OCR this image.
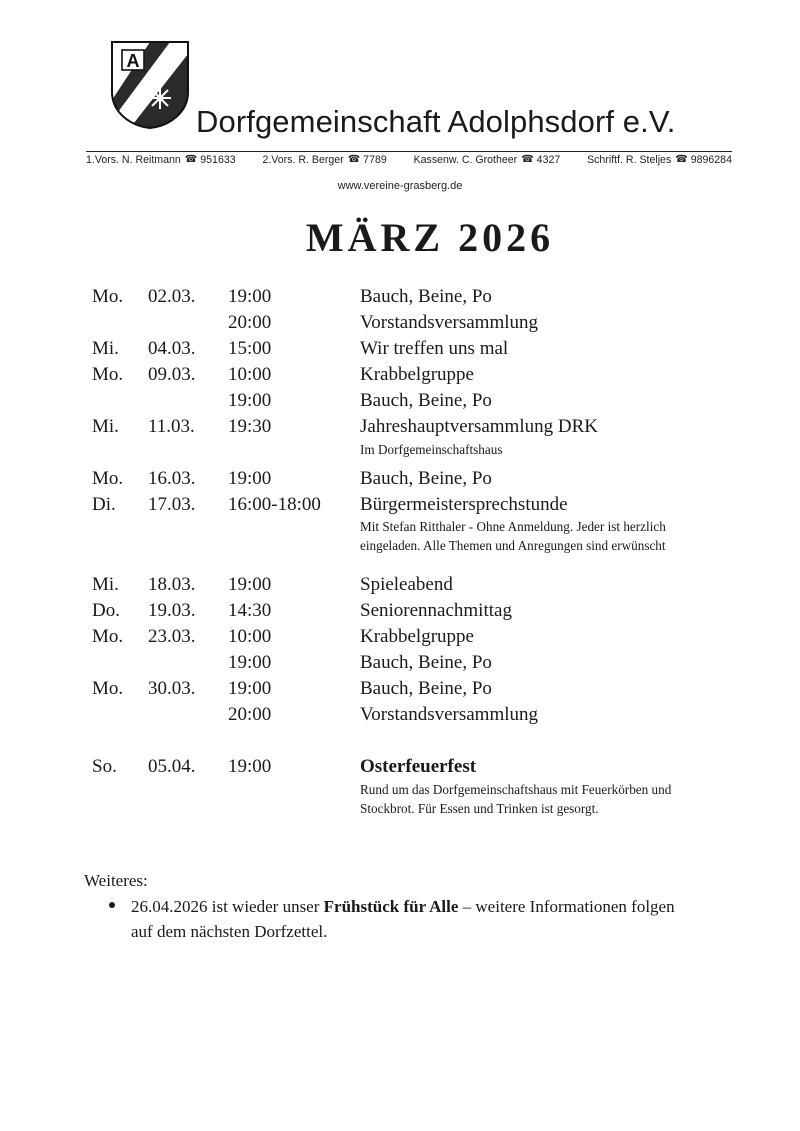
A
Dorfgemeinschaft Adolphsdorf e.V.
1.Vors. N. Reitmann ☎ 951633	2.Vors. R. Berger ☎ 7789	Kassenw. C. Grotheer ☎ 4327	Schriftf. R. Steljes ☎ 9896284
www.vereine-grasberg.de
MÄRZ 2026
Mo. 02.03. 19:00	Bauch, Beine, Po
20:00	Vorstandsversammlung
Mi. 04.03. 15:00	Wir treffen uns mal
Mo. 09.03. 10:00	Krabbelgruppe
19:00	Bauch, Beine, Po
Mi. 11.03. 19:30	Jahreshauptversammlung DRK
Im Dorfgemeinschaftshaus
Mo. 16.03. 19:00	Bauch, Beine, Po
Di. 17.03. 16:00-18:00 Bürgermeistersprechstunde
Mit Stefan Ritthaler - Ohne Anmeldung. Jeder ist herzlich eingeladen. Alle Themen und Anregungen sind erwünscht
Mi. 18.03. 19:00	Spieleabend
Do. 19.03. 14:30	Seniorennachmittag
Mo. 23.03. 10:00	Krabbelgruppe
19:00	Bauch, Beine, Po
Mo. 30.03. 19:00	Bauch, Beine, Po
20:00	Vorstandsversammlung
So. 05.04. 19:00	Osterfeuerfest
Rund um das Dorfgemeinschaftshaus mit Feuerkörben und Stockbrot. Für Essen und Trinken ist gesorgt.
Weiteres:
26.04.2026 ist wieder unser Frühstück für Alle – weitere Informationen folgen auf dem nächsten Dorfzettel.
